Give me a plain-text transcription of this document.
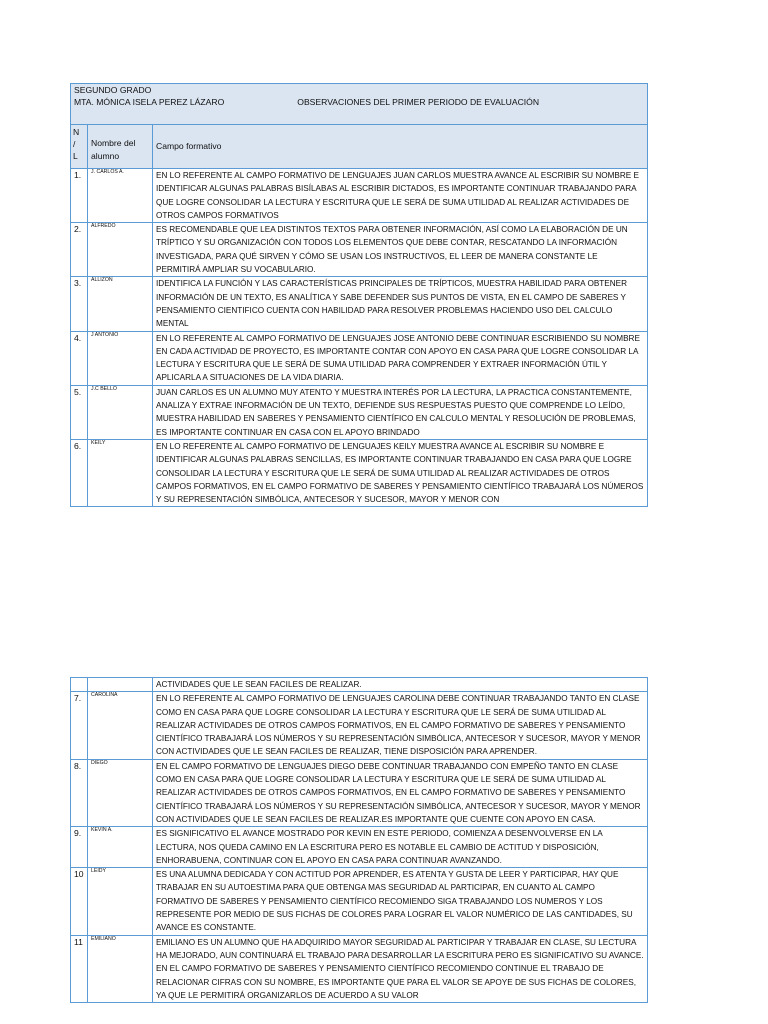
SEGUNDO GRADO
MTA. MÓNICA ISELA PEREZ LÁZARO OBSERVACIONES DEL PRIMER PERIODO DE EVALUACIÓN		

N / L	Nombre del alumno	Campo formativo
1.	J. CARLOS A.	EN LO REFERENTE AL CAMPO FORMATIVO DE LENGUAJES JUAN CARLOS MUESTRA AVANCE AL ESCRIBIR SU NOMBRE E IDENTIFICAR ALGUNAS PALABRAS BISÍLABAS AL ESCRIBIR DICTADOS, ES IMPORTANTE CONTINUAR TRABAJANDO PARA QUE LOGRE CONSOLIDAR LA LECTURA Y ESCRITURA QUE LE SERÁ DE SUMA UTILIDAD AL REALIZAR ACTIVIDADES DE OTROS CAMPOS FORMATIVOS
2.	ALFREDO	ES RECOMENDABLE QUE LEA DISTINTOS TEXTOS PARA OBTENER INFORMACIÓN, ASÍ COMO LA ELABORACIÓN DE UN TRÍPTICO Y SU ORGANIZACIÓN CON TODOS LOS ELEMENTOS QUE DEBE CONTAR, RESCATANDO LA INFORMACIÓN INVESTIGADA, PARA QUÉ SIRVEN Y CÓMO SE USAN LOS INSTRUCTIVOS, EL LEER DE MANERA CONSTANTE LE PERMITIRÁ AMPLIAR SU VOCABULARIO.
3.	ALLIZON	IDENTIFICA LA FUNCIÓN Y LAS CARACTERÍSTICAS PRINCIPALES DE TRÍPTICOS, MUESTRA HABILIDAD PARA OBTENER INFORMACIÓN DE UN TEXTO, ES ANALÍTICA Y SABE DEFENDER SUS PUNTOS DE VISTA, EN EL CAMPO DE SABERES Y PENSAMIENTO CIENTIFICO CUENTA CON HABILIDAD PARA RESOLVER PROBLEMAS HACIENDO USO DEL CALCULO MENTAL
4.	J ANTONIO	EN LO REFERENTE AL CAMPO FORMATIVO DE LENGUAJES JOSE ANTONIO DEBE CONTINUAR ESCRIBIENDO SU NOMBRE EN CADA ACTIVIDAD DE PROYECTO, ES IMPORTANTE CONTAR CON APOYO EN CASA PARA QUE LOGRE CONSOLIDAR LA LECTURA Y ESCRITURA QUE LE SERÁ DE SUMA UTILIDAD PARA COMPRENDER Y EXTRAER INFORMACIÓN ÚTIL Y APLICARLA A SITUACIONES DE LA VIDA DIARIA.
5.	J.C BELLO	JUAN CARLOS ES UN ALUMNO MUY ATENTO Y MUESTRA INTERÉS POR LA LECTURA, LA PRACTICA CONSTANTEMENTE, ANALIZA Y EXTRAE INFORMACIÓN DE UN TEXTO, DEFIENDE SUS RESPUESTAS PUESTO QUE COMPRENDE LO LEÍDO, MUESTRA HABILIDAD EN SABERES Y PENSAMIENTO CIENTÍFICO EN CALCULO MENTAL Y RESOLUCIÓN DE PROBLEMAS, ES IMPORTANTE CONTINUAR EN CASA CON EL APOYO BRINDADO
6.	KEILY	EN LO REFERENTE AL CAMPO FORMATIVO DE LENGUAJES KEILY MUESTRA AVANCE AL ESCRIBIR SU NOMBRE E IDENTIFICAR ALGUNAS PALABRAS SENCILLAS, ES IMPORTANTE CONTINUAR TRABAJANDO EN CASA PARA QUE LOGRE CONSOLIDAR LA LECTURA Y ESCRITURA QUE LE SERÁ DE SUMA UTILIDAD AL REALIZAR ACTIVIDADES DE OTROS CAMPOS FORMATIVOS, EN EL CAMPO FORMATIVO DE SABERES Y PENSAMIENTO CIENTÍFICO TRABAJARÁ LOS NÚMEROS Y SU REPRESENTACIÓN SIMBÓLICA, ANTECESOR Y SUCESOR, MAYOR Y MENOR CON
		ACTIVIDADES QUE LE SEAN FACILES DE REALIZAR.
7.	CAROLINA	EN LO REFERENTE AL CAMPO FORMATIVO DE LENGUAJES CAROLINA DEBE CONTINUAR TRABAJANDO TANTO EN CLASE COMO EN CASA PARA QUE LOGRE CONSOLIDAR LA LECTURA Y ESCRITURA QUE LE SERÁ DE SUMA UTILIDAD AL REALIZAR ACTIVIDADES DE OTROS CAMPOS FORMATIVOS, EN EL CAMPO FORMATIVO DE SABERES Y PENSAMIENTO CIENTÍFICO TRABAJARÁ LOS NÚMEROS Y SU REPRESENTACIÓN SIMBÓLICA, ANTECESOR Y SUCESOR, MAYOR Y MENOR CON ACTIVIDADES QUE LE SEAN FACILES DE REALIZAR, TIENE DISPOSICIÓN PARA APRENDER.
8.	DIEGO	EN EL CAMPO FORMATIVO DE LENGUAJES DIEGO DEBE CONTINUAR TRABAJANDO CON EMPEÑO TANTO EN CLASE COMO EN CASA PARA QUE LOGRE CONSOLIDAR LA LECTURA Y ESCRITURA QUE LE SERÁ DE SUMA UTILIDAD AL REALIZAR ACTIVIDADES DE OTROS CAMPOS FORMATIVOS, EN EL CAMPO FORMATIVO DE SABERES Y PENSAMIENTO CIENTÍFICO TRABAJARÁ LOS NÚMEROS Y SU REPRESENTACIÓN SIMBÓLICA, ANTECESOR Y SUCESOR, MAYOR Y MENOR CON ACTIVIDADES QUE LE SEAN FACILES DE REALIZAR.ES IMPORTANTE QUE CUENTE CON APOYO EN CASA.
9.	KEVIN A.	ES SIGNIFICATIVO EL AVANCE MOSTRADO POR KEVIN EN ESTE PERIODO, COMIENZA A DESENVOLVERSE EN LA LECTURA, NOS QUEDA CAMINO EN LA ESCRITURA PERO ES NOTABLE EL CAMBIO DE ACTITUD Y DISPOSICIÓN, ENHORABUENA, CONTINUAR CON EL APOYO EN CASA PARA CONTINUAR AVANZANDO.
10	LEIDY	ES UNA ALUMNA DEDICADA Y CON ACTITUD POR APRENDER, ES ATENTA Y GUSTA DE LEER Y PARTICIPAR, HAY QUE TRABAJAR EN SU AUTOESTIMA PARA QUE OBTENGA MAS SEGURIDAD AL PARTICIPAR, EN CUANTO AL CAMPO FORMATIVO DE SABERES Y PENSAMIENTO CIENTÍFICO RECOMIENDO SIGA TRABAJANDO LOS NUMEROS Y LOS REPRESENTE POR MEDIO DE SUS FICHAS DE COLORES PARA LOGRAR EL VALOR NUMÉRICO DE LAS CANTIDADES, SU AVANCE ES CONSTANTE.
11	EMILIANO	EMILIANO ES UN ALUMNO QUE HA ADQUIRIDO MAYOR SEGURIDAD AL PARTICIPAR Y TRABAJAR EN CLASE, SU LECTURA HA MEJORADO, AUN CONTINUARÁ EL TRABAJO PARA DESARROLLAR LA ESCRITURA PERO ES SIGNIFICATIVO SU AVANCE. EN EL CAMPO FORMATIVO DE SABERES Y PENSAMIENTO CIENTÍFICO RECOMIENDO CONTINUE EL TRABAJO DE RELACIONAR CIFRAS CON SU NOMBRE, ES IMPORTANTE QUE PARA EL VALOR SE APOYE DE SUS FICHAS DE COLORES, YA QUE LE PERMITIRÁ ORGANIZARLOS DE ACUERDO A SU VALOR
